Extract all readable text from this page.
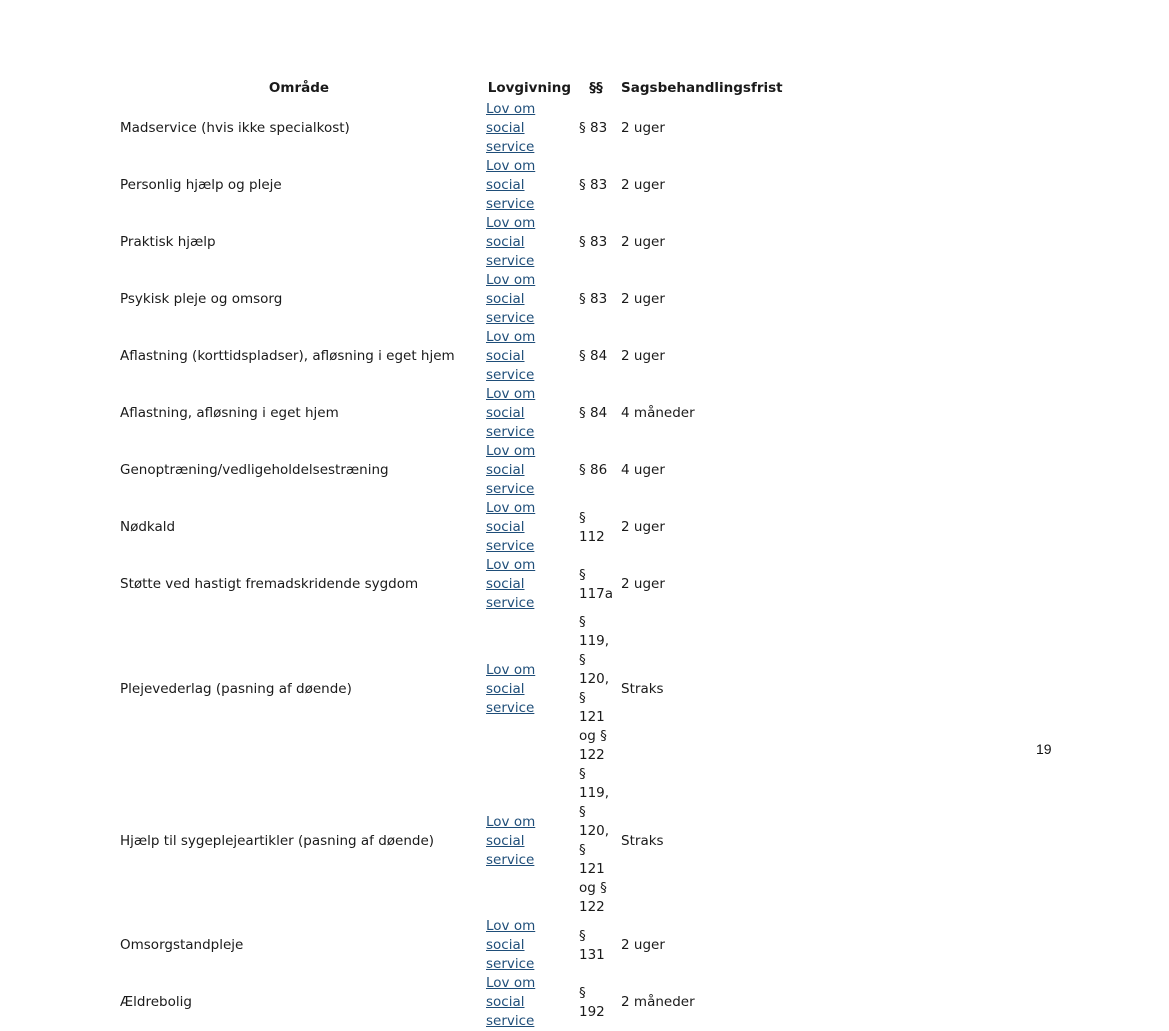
Område	Lovgivning	§§	Sagsbehandlingsfrist
Madservice (hvis ikke specialkost)	Lov om social service	§ 83	2 uger
Personlig hjælp og pleje	Lov om social service	§ 83	2 uger
Praktisk hjælp	Lov om social service	§ 83	2 uger
Psykisk pleje og omsorg	Lov om social service	§ 83	2 uger
Aflastning (korttidspladser), afløsning i eget hjem	Lov om social service	§ 84	2 uger
Aflastning, afløsning i eget hjem	Lov om social service	§ 84	4 måneder
Genoptræning/vedligeholdelsestræning	Lov om social service	§ 86	4 uger
Nødkald	Lov om social service	§ 112	2 uger
Støtte ved hastigt fremadskridende sygdom	Lov om social service	§ 117a	2 uger
Plejevederlag (pasning af døende)	Lov om social service	§ 119, § 120, § 121 og § 122	Straks
Hjælp til sygeplejeartikler (pasning af døende)	Lov om social service	§ 119, § 120, § 121 og § 122	Straks
Omsorgstandpleje	Lov om social service	§ 131	2 uger
Ældrebolig	Lov om social service	§ 192	2 måneder
19
